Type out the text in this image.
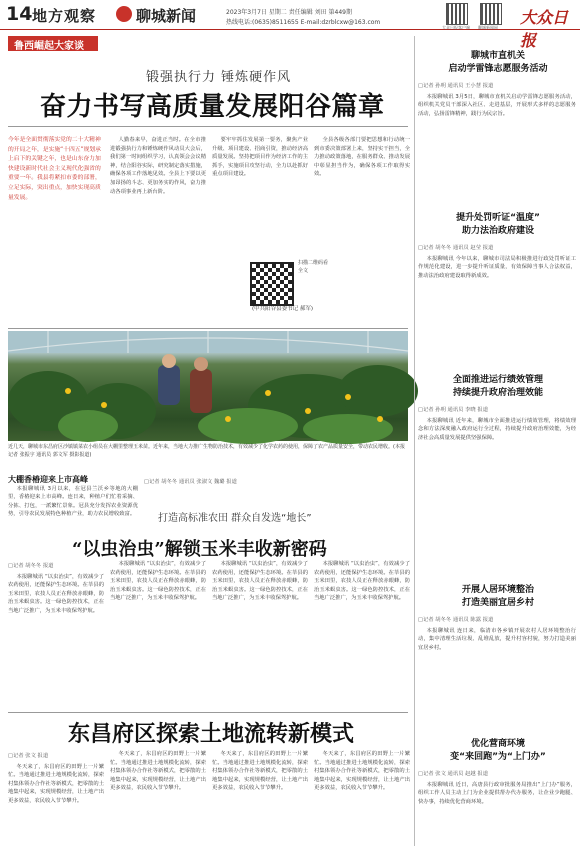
14 地方观察	聊城新闻	2023年3月7日 星期二 责任编辑 刘田 第449期
热线电话:(0635)8511655 E-mail:dzrblcxw@163.com
大众日报客户端 聊城新闻网
大众日报
鲁西崛起大家谈
锻强执行力 锤炼硬作风
奋力书写高质量发展阳谷篇章
今年是全面贯彻落实党的二十大精神的开局之年，是实施“十四五”规划承上启下的关键之年，也是山东奋力加快建设新时代社会主义现代化强省的重要一年。我县将紧扣市委的部署，立足实际，突出重点，加快实现高质量发展。

人勤春来早，奋进正当时。在全市推进锻强执行力和锤炼硬作风动员大会后，我们第一时间组织学习，认真领会会议精神，结合阳谷实际，研究制定落实措施，确保各项工作落地见效。全县上下要以更加昂扬的斗志、更加务实的作风，奋力推动各项事业再上新台阶。

要牢牢抓住发展第一要务，聚焦产业升级、项目建设、招商引资，推动经济高质量发展。坚持把项目作为经济工作的主抓手，实施项目攻坚行动，全力以赴抓好重点项目建设。

全县各级各部门要把思想和行动统一到市委决策部署上来，坚持实干担当，全力推动政策落地，在服务群众、推动发展中彰显担当作为，确保各项工作取得实效。

扫描二维码看全文
(中共阳谷县委书记 郝军)
近几天，聊城市东昌府区沙镇镇菜农小组员在大棚里整理玉米苗。近年来，当地大力推广生物防治技术，有效减少了化学农药的使用，保障了农产品质量安全，带动农民增收。(本报记者 张振宇 通讯员 郭文军 摄影报道)
打造高标准农田 群众自发选“地长”
“以虫治虫”解锁玉米丰收新密码
□记者 胡冬冬 报道

本报聊城讯 “以虫治虫”，有效减少了农药使用，还能保护生态环境。在莘县的玉米田里，农技人员正在释放赤眼蜂，防治玉米螟虫害。这一绿色防控技术，正在当地广泛推广，为玉米丰收保驾护航。

本报聊城讯 “以虫治虫”，有效减少了农药使用，还能保护生态环境。在莘县的玉米田里，农技人员正在释放赤眼蜂，防治玉米螟虫害。这一绿色防控技术，正在当地广泛推广，为玉米丰收保驾护航。

本报聊城讯 “以虫治虫”，有效减少了农药使用，还能保护生态环境。在莘县的玉米田里，农技人员正在释放赤眼蜂，防治玉米螟虫害。这一绿色防控技术，正在当地广泛推广，为玉米丰收保驾护航。

本报聊城讯 “以虫治虫”，有效减少了农药使用，还能保护生态环境。在莘县的玉米田里，农技人员正在释放赤眼蜂，防治玉米螟虫害。这一绿色防控技术，正在当地广泛推广，为玉米丰收保驾护航。

东昌府区探索土地流转新模式
□记者 张文 报道

冬天来了，东昌府区的田野上一片繁忙。当地通过推进土地规模化流转，探索村集体领办合作社等新模式，把零散的土地集中起来，实现规模经营，让土地产出更多效益，农民收入节节攀升。

冬天来了，东昌府区的田野上一片繁忙。当地通过推进土地规模化流转，探索村集体领办合作社等新模式，把零散的土地集中起来，实现规模经营，让土地产出更多效益，农民收入节节攀升。

冬天来了，东昌府区的田野上一片繁忙。当地通过推进土地规模化流转，探索村集体领办合作社等新模式，把零散的土地集中起来，实现规模经营，让土地产出更多效益，农民收入节节攀升。

冬天来了，东昌府区的田野上一片繁忙。当地通过推进土地规模化流转，探索村集体领办合作社等新模式，把零散的土地集中起来，实现规模经营，让土地产出更多效益，农民收入节节攀升。

聊城市直机关
启动学雷锋志愿服务活动
□记者 孙明 通讯员 王小慧 报道

本报聊城讯 3月5日，聊城市直机关启动学雷锋志愿服务活动，组织机关党员干部深入社区、走进基层，开展形式多样的志愿服务活动，弘扬雷锋精神，践行为民宗旨。

提升处罚听证“温度”
助力法治政府建设
□记者 胡冬冬 通讯员 赵莹 报道

本报聊城讯 今年以来，聊城市司法局积极推进行政处罚听证工作规范化建设，进一步提升听证质量，有效保障当事人合法权益，推动法治政府建设取得新成效。

全面推进运行绩效管理
持续提升政府治理效能
□记者 孙明 通讯员 李晓 报道

本报聊城讯 近年来，聊城市全面推进运行绩效管理，将绩效理念和方法深度融入政府运行全过程，持续提升政府治理效能，为经济社会高质量发展提供坚强保障。

开展人居环境整治
打造美丽宜居乡村
□记者 胡冬冬 通讯员 陈露 报道

本报聊城讯 连日来，临清市各乡镇开展农村人居环境整治行动，集中清理生活垃圾、乱堆乱放，提升村容村貌，努力打造美丽宜居乡村。

优化营商环境
变“来回跑”为“上门办”
□记者 张文 通讯员 赵越 报道

本报聊城讯 近日，高唐县行政审批服务局推出“上门办”服务，组织工作人员主动上门为企业提供帮办代办服务，让企业少跑腿、快办事，持续优化营商环境。

大棚香椿迎来上市高峰

本报聊城讯 3月以来，在冠县兰沃乡等地的大棚里，香椿迎来上市高峰。连日来，种植户们忙着采摘、分拣、打包，一派繁忙景象。冠县充分发挥农业资源优势，引导农民发展特色种植产业，助力农民增收致富。

□记者 胡冬冬 通讯员 张淑文 魏璐 报道
